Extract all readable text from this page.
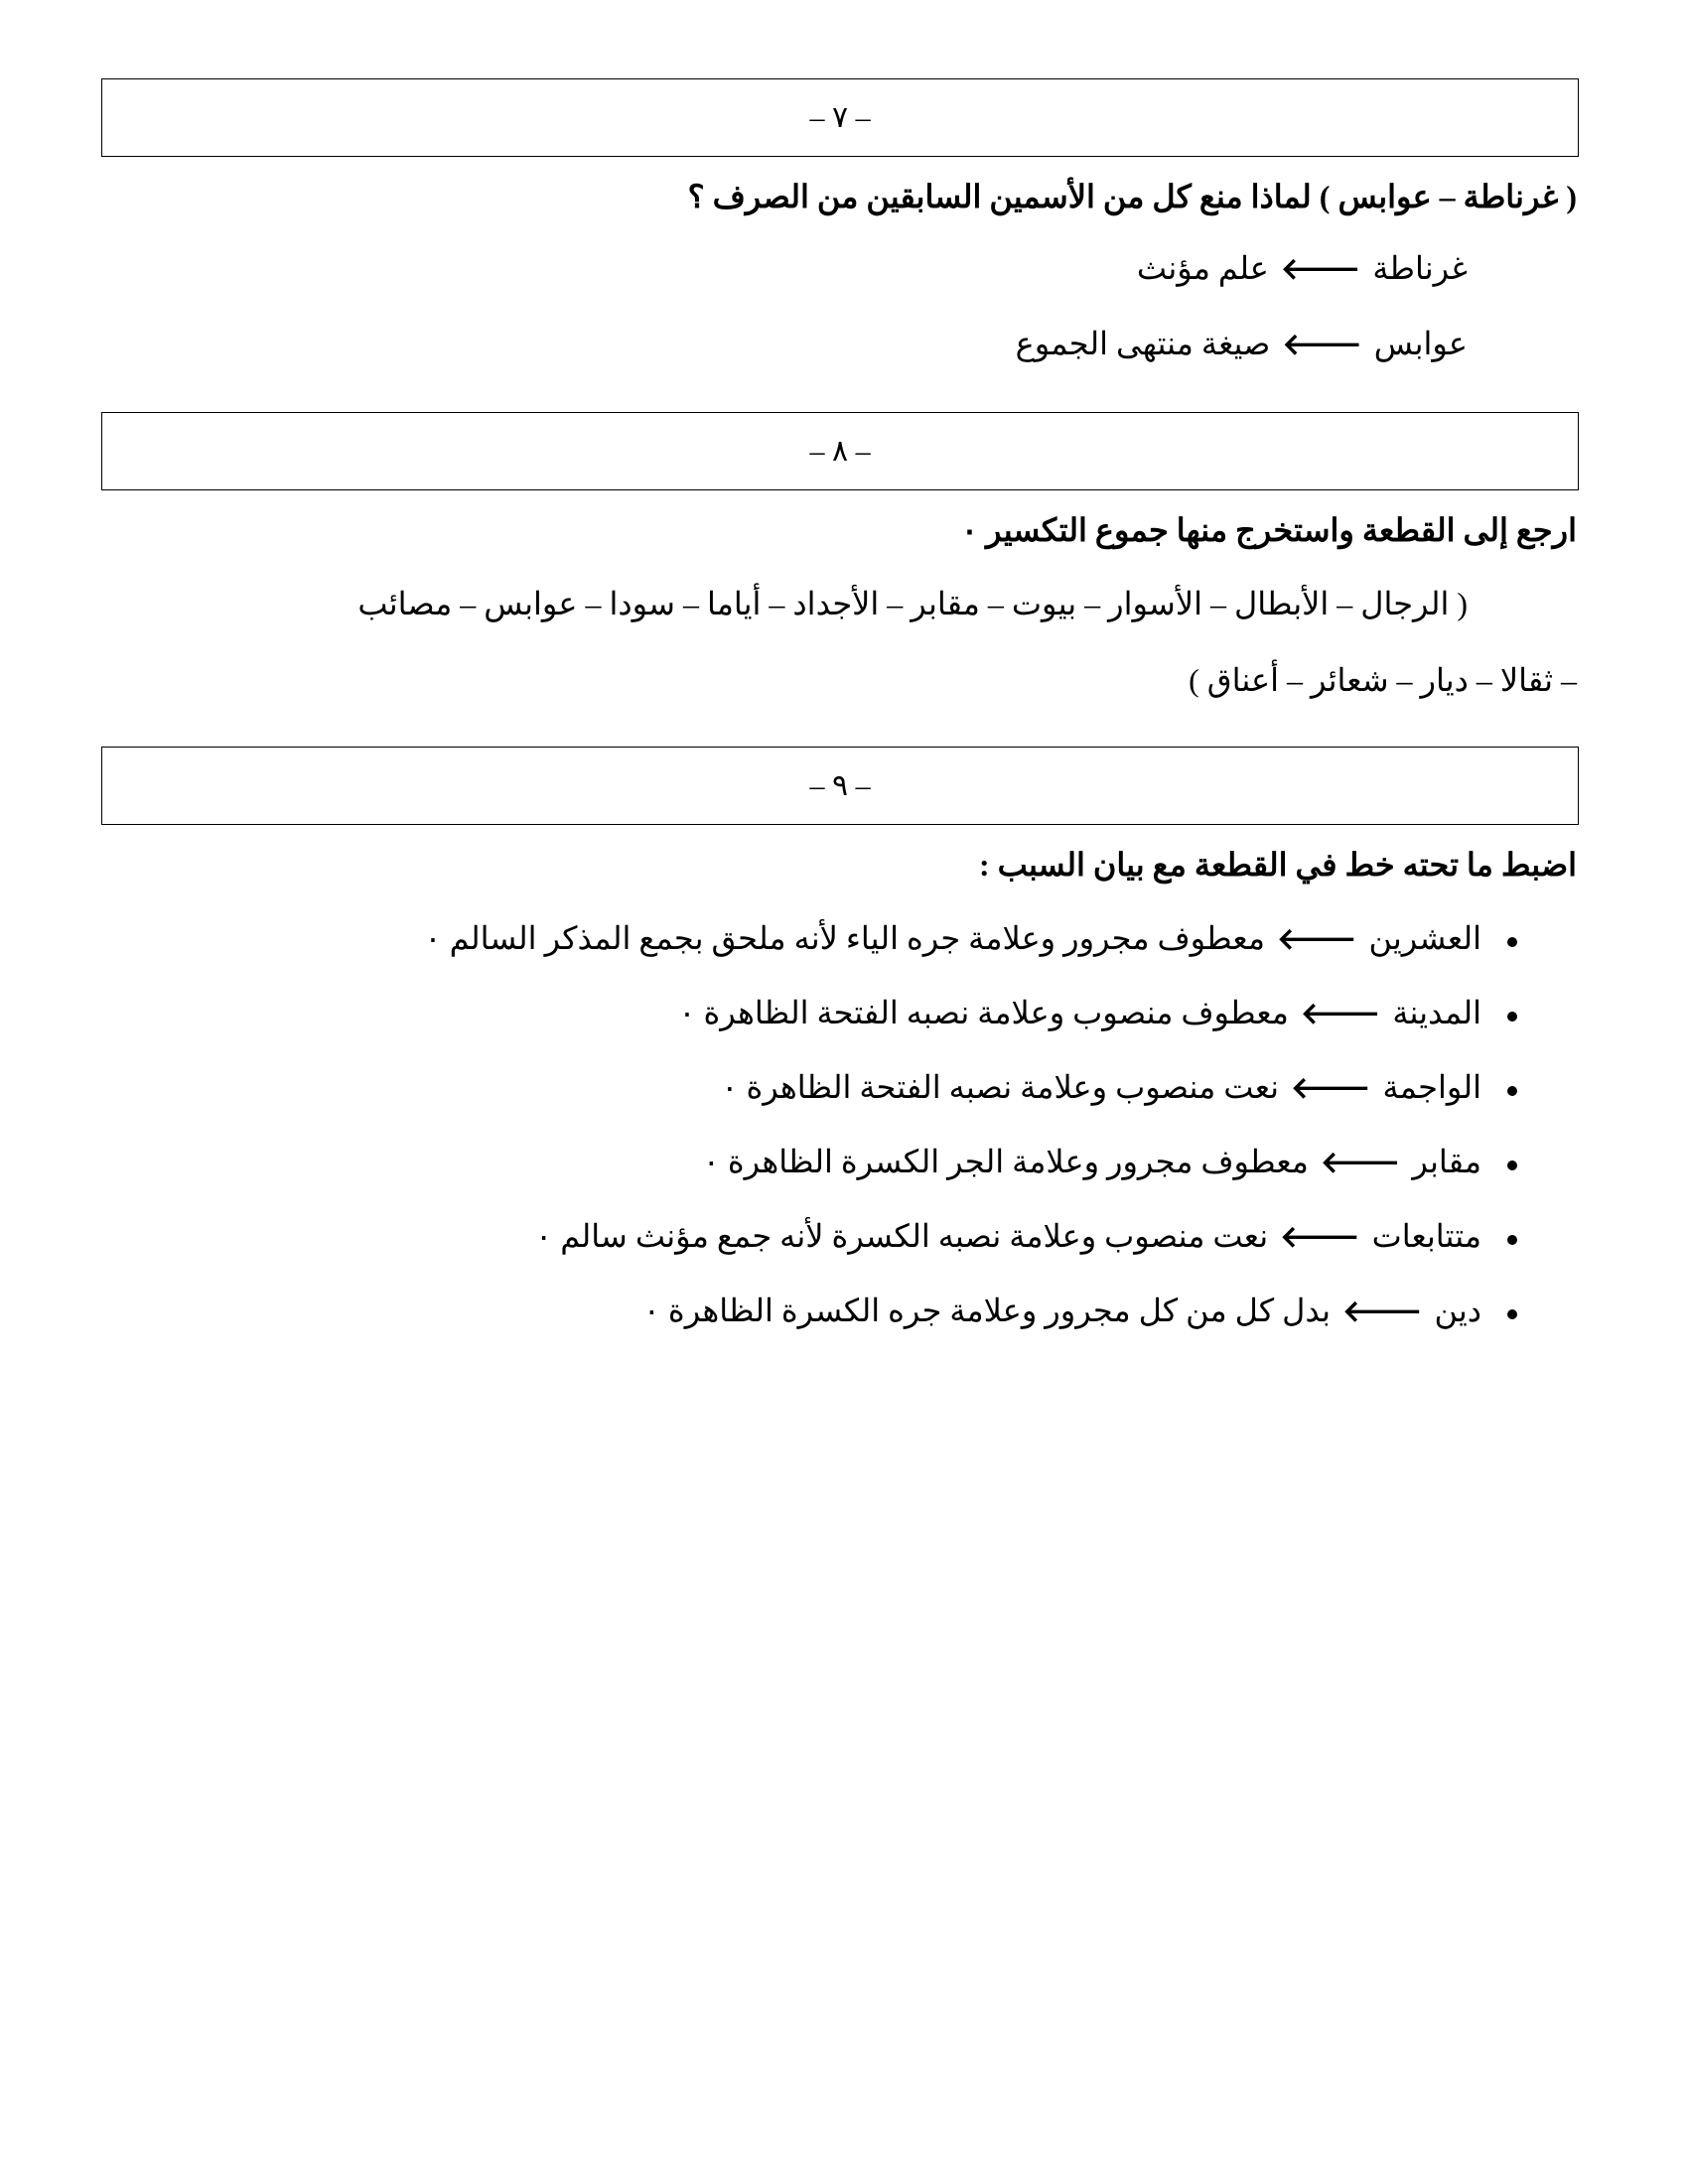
– ٧ –
( غرناطة – عوابس ) لماذا منع كل من الأسمين السابقين من الصرف ؟
غرناطة🡐علم مؤنث
عوابس🡐صيغة منتهى الجموع
– ٨ –
ارجع إلى القطعة واستخرج منها جموع التكسير ٠
( الرجال – الأبطال – الأسوار – بيوت – مقابر – الأجداد – أياما – سودا – عوابس – مصائب
– ثقالا – ديار – شعائر – أعناق )
– ٩ –
اضبط ما تحته خط في القطعة مع بيان السبب :
العشرين🡐معطوف مجرور وعلامة جره الياء لأنه ملحق بجمع المذكر السالم ٠
المدينة🡐معطوف منصوب وعلامة نصبه الفتحة الظاهرة ٠
الواجمة🡐نعت منصوب وعلامة نصبه الفتحة الظاهرة ٠
مقابر🡐معطوف مجرور وعلامة الجر الكسرة الظاهرة ٠
متتابعات🡐نعت منصوب وعلامة نصبه الكسرة لأنه جمع مؤنث سالم ٠
دين🡐بدل كل من كل مجرور وعلامة جره الكسرة الظاهرة ٠
